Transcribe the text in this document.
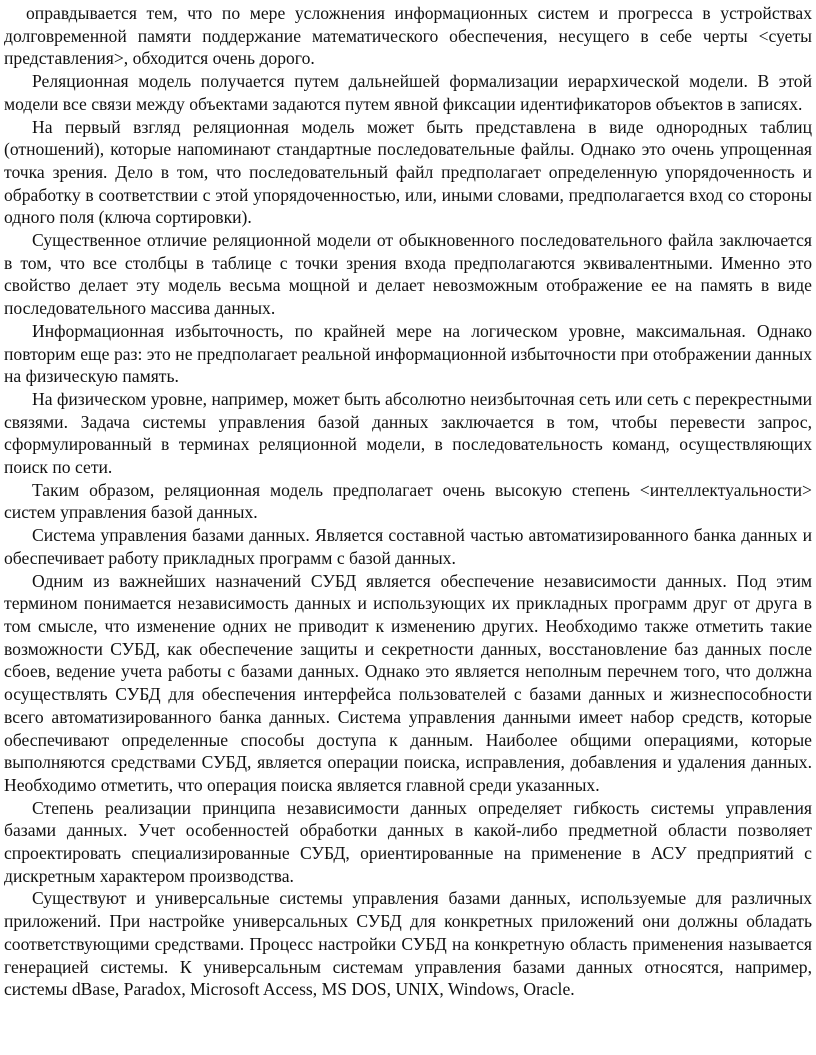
оправдывается тем, что по мере усложнения информационных систем и прогресса в устройствах долговременной памяти поддержание математического обеспечения, несущего в себе черты <суеты представления>, обходится очень дорого.

Реляционная модель получается путем дальнейшей формализации иерархической модели. В этой модели все связи между объектами задаются путем явной фиксации идентификаторов объектов в записях.

На первый взгляд реляционная модель может быть представлена в виде однородных таблиц (отношений), которые напоминают стандартные последовательные файлы. Однако это очень упрощенная точка зрения. Дело в том, что последовательный файл предполагает определенную упорядоченность и обработку в соответствии с этой упорядоченностью, или, иными словами, предполагается вход со стороны одного поля (ключа сортировки).

Существенное отличие реляционной модели от обыкновенного последовательного файла заключается в том, что все столбцы в таблице с точки зрения входа предполагаются эквивалентными. Именно это свойство делает эту модель весьма мощной и делает невозможным отображение ее на память в виде последовательного массива данных.

Информационная избыточность, по крайней мере на логическом уровне, максимальная. Однако повторим еще раз: это не предполагает реальной информационной избыточности при отображении данных на физическую память.

На физическом уровне, например, может быть абсолютно неизбыточная сеть или сеть с перекрестными связями. Задача системы управления базой данных заключается в том, чтобы перевести запрос, сформулированный в терминах реляционной модели, в последовательность команд, осуществляющих поиск по сети.

Таким образом, реляционная модель предполагает очень высокую степень <интеллектуальности> систем управления базой данных.

Система управления базами данных. Является составной частью автоматизированного банка данных и обеспечивает работу прикладных программ с базой данных.

Одним из важнейших назначений СУБД является обеспечение независимости данных. Под этим термином понимается независимость данных и использующих их прикладных программ друг от друга в том смысле, что изменение одних не приводит к изменению других. Необходимо также отметить такие возможности СУБД, как обеспечение защиты и секретности данных, восстановление баз данных после сбоев, ведение учета работы с базами данных. Однако это является неполным перечнем того, что должна осуществлять СУБД для обеспечения интерфейса пользователей с базами данных и жизнеспособности всего автоматизированного банка данных. Система управления данными имеет набор средств, которые обеспечивают определенные способы доступа к данным. Наиболее общими операциями, которые выполняются средствами СУБД, является операции поиска, исправления, добавления и удаления данных. Необходимо отметить, что операция поиска является главной среди указанных.

Степень реализации принципа независимости данных определяет гибкость системы управления базами данных. Учет особенностей обработки данных в какой-либо предметной области позволяет спроектировать специализированные СУБД, ориентированные на применение в АСУ предприятий с дискретным характером производства.

Существуют и универсальные системы управления базами данных, используемые для различных приложений. При настройке универсальных СУБД для конкретных приложений они должны обладать соответствующими средствами. Процесс настройки СУБД на конкретную область применения называется генерацией системы. К универсальным системам управления базами данных относятся, например, системы dBase, Paradox, Microsoft Access, MS DOS, UNIX, Windows, Oracle.
